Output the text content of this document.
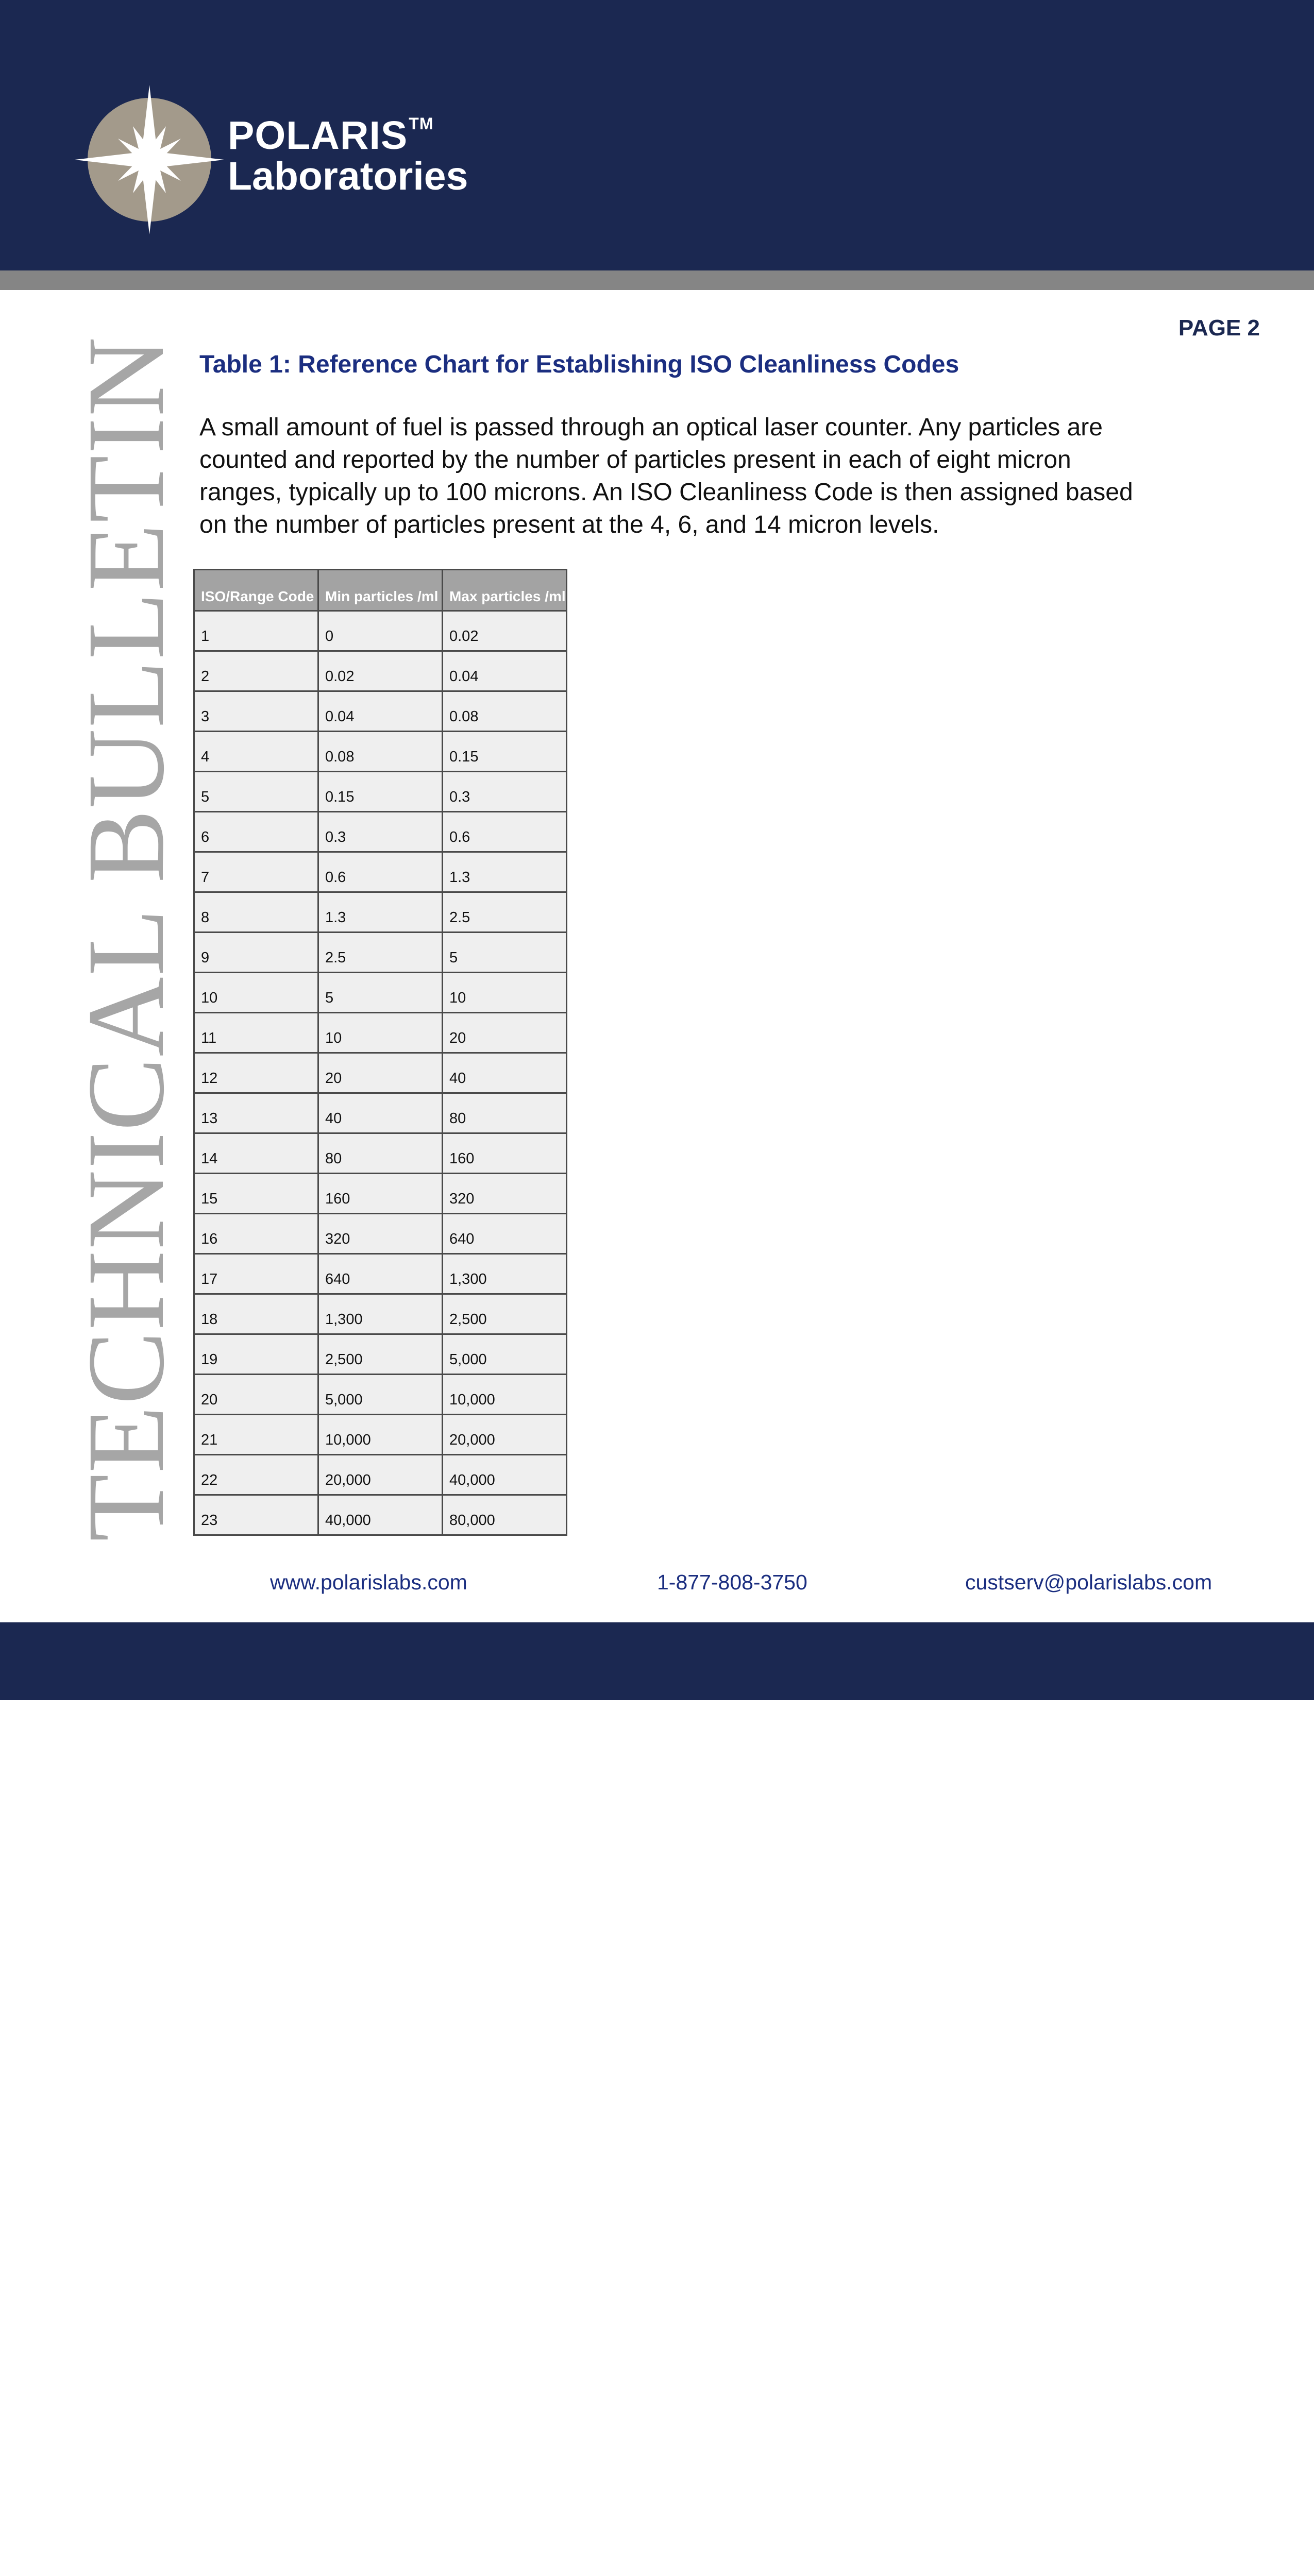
POLARIS™
Laboratories
TECHNICAL BULLETIN
PAGE 2
Table 1: Reference Chart for Establishing ISO Cleanliness Codes
A small amount of fuel is passed through an optical laser counter. Any particles are counted and reported by the number of particles present in each of eight micron ranges, typically up to 100 microns. An ISO Cleanliness Code is then assigned based on the number of particles present at the 4, 6, and 14 micron levels.
ISO/Range Code	Min particles /ml	Max particles /ml
1	0	0.02
2	0.02	0.04
3	0.04	0.08
4	0.08	0.15
5	0.15	0.3
6	0.3	0.6
7	0.6	1.3
8	1.3	2.5
9	2.5	5
10	5	10
11	10	20
12	20	40
13	40	80
14	80	160
15	160	320
16	320	640
17	640	1,300
18	1,300	2,500
19	2,500	5,000
20	5,000	10,000
21	10,000	20,000
22	20,000	40,000
23	40,000	80,000
www.polarislabs.com	1-877-808-3750	custserv@polarislabs.com
